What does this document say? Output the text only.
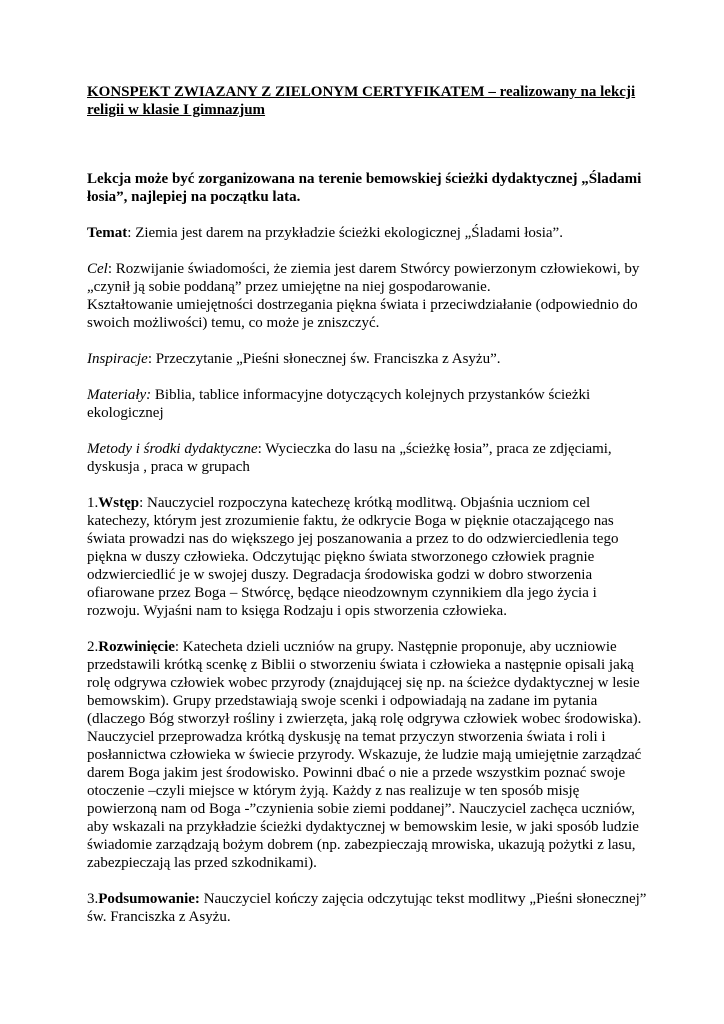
KONSPEKT ZWIAZANY Z ZIELONYM CERTYFIKATEM – realizowany na lekcji religii w klasie I gimnazjum

Lekcja może być zorganizowana na terenie bemowskiej ścieżki dydaktycznej „Śladami łosia”, najlepiej na początku lata.

Temat: Ziemia jest darem na przykładzie ścieżki ekologicznej „Śladami łosia”.

Cel: Rozwijanie świadomości, że ziemia jest darem Stwórcy powierzonym człowiekowi, by „czynił ją sobie poddaną” przez umiejętne na niej gospodarowanie.

Kształtowanie umiejętności dostrzegania piękna świata i przeciwdziałanie (odpowiednio do swoich możliwości) temu, co może je zniszczyć.

Inspiracje: Przeczytanie „Pieśni słonecznej św. Franciszka z Asyżu”.

Materiały: Biblia, tablice informacyjne dotyczących kolejnych przystanków ścieżki ekologicznej

Metody i środki dydaktyczne: Wycieczka do lasu na „ścieżkę łosia”, praca ze zdjęciami, dyskusja , praca w grupach

1.Wstęp: Nauczyciel rozpoczyna katechezę krótką modlitwą. Objaśnia uczniom cel katechezy, którym jest zrozumienie faktu, że odkrycie Boga w pięknie otaczającego nas świata prowadzi nas do większego jej poszanowania a przez to do odzwierciedlenia tego piękna w duszy człowieka. Odczytując piękno świata stworzonego człowiek pragnie odzwierciedlić je w swojej duszy. Degradacja środowiska godzi w dobro stworzenia ofiarowane przez Boga – Stwórcę, będące nieodzownym czynnikiem dla jego życia i rozwoju. Wyjaśni nam to księga Rodzaju i opis stworzenia człowieka.

2.Rozwinięcie: Katecheta dzieli uczniów na grupy. Następnie proponuje, aby uczniowie przedstawili krótką scenkę z Biblii o stworzeniu świata i człowieka a następnie opisali jaką rolę odgrywa człowiek wobec przyrody (znajdującej się np. na ścieżce dydaktycznej w lesie bemowskim). Grupy przedstawiają swoje scenki i odpowiadają na zadane im pytania (dlaczego Bóg stworzył rośliny i zwierzęta, jaką rolę odgrywa człowiek wobec środowiska). Nauczyciel przeprowadza krótką dyskusję na temat przyczyn stworzenia świata i roli i posłannictwa człowieka w świecie przyrody. Wskazuje, że ludzie mają umiejętnie zarządzać darem Boga jakim jest środowisko. Powinni dbać o nie a przede wszystkim poznać swoje otoczenie –czyli miejsce w którym żyją. Każdy z nas realizuje w ten sposób misję powierzoną nam od Boga -”czynienia sobie ziemi poddanej”. Nauczyciel zachęca uczniów, aby wskazali na przykładzie ścieżki dydaktycznej w bemowskim lesie, w jaki sposób ludzie świadomie zarządzają bożym dobrem (np. zabezpieczają mrowiska, ukazują pożytki z lasu, zabezpieczają las przed szkodnikami).

3.Podsumowanie: Nauczyciel kończy zajęcia odczytując tekst modlitwy „Pieśni słonecznej” św. Franciszka z Asyżu.
